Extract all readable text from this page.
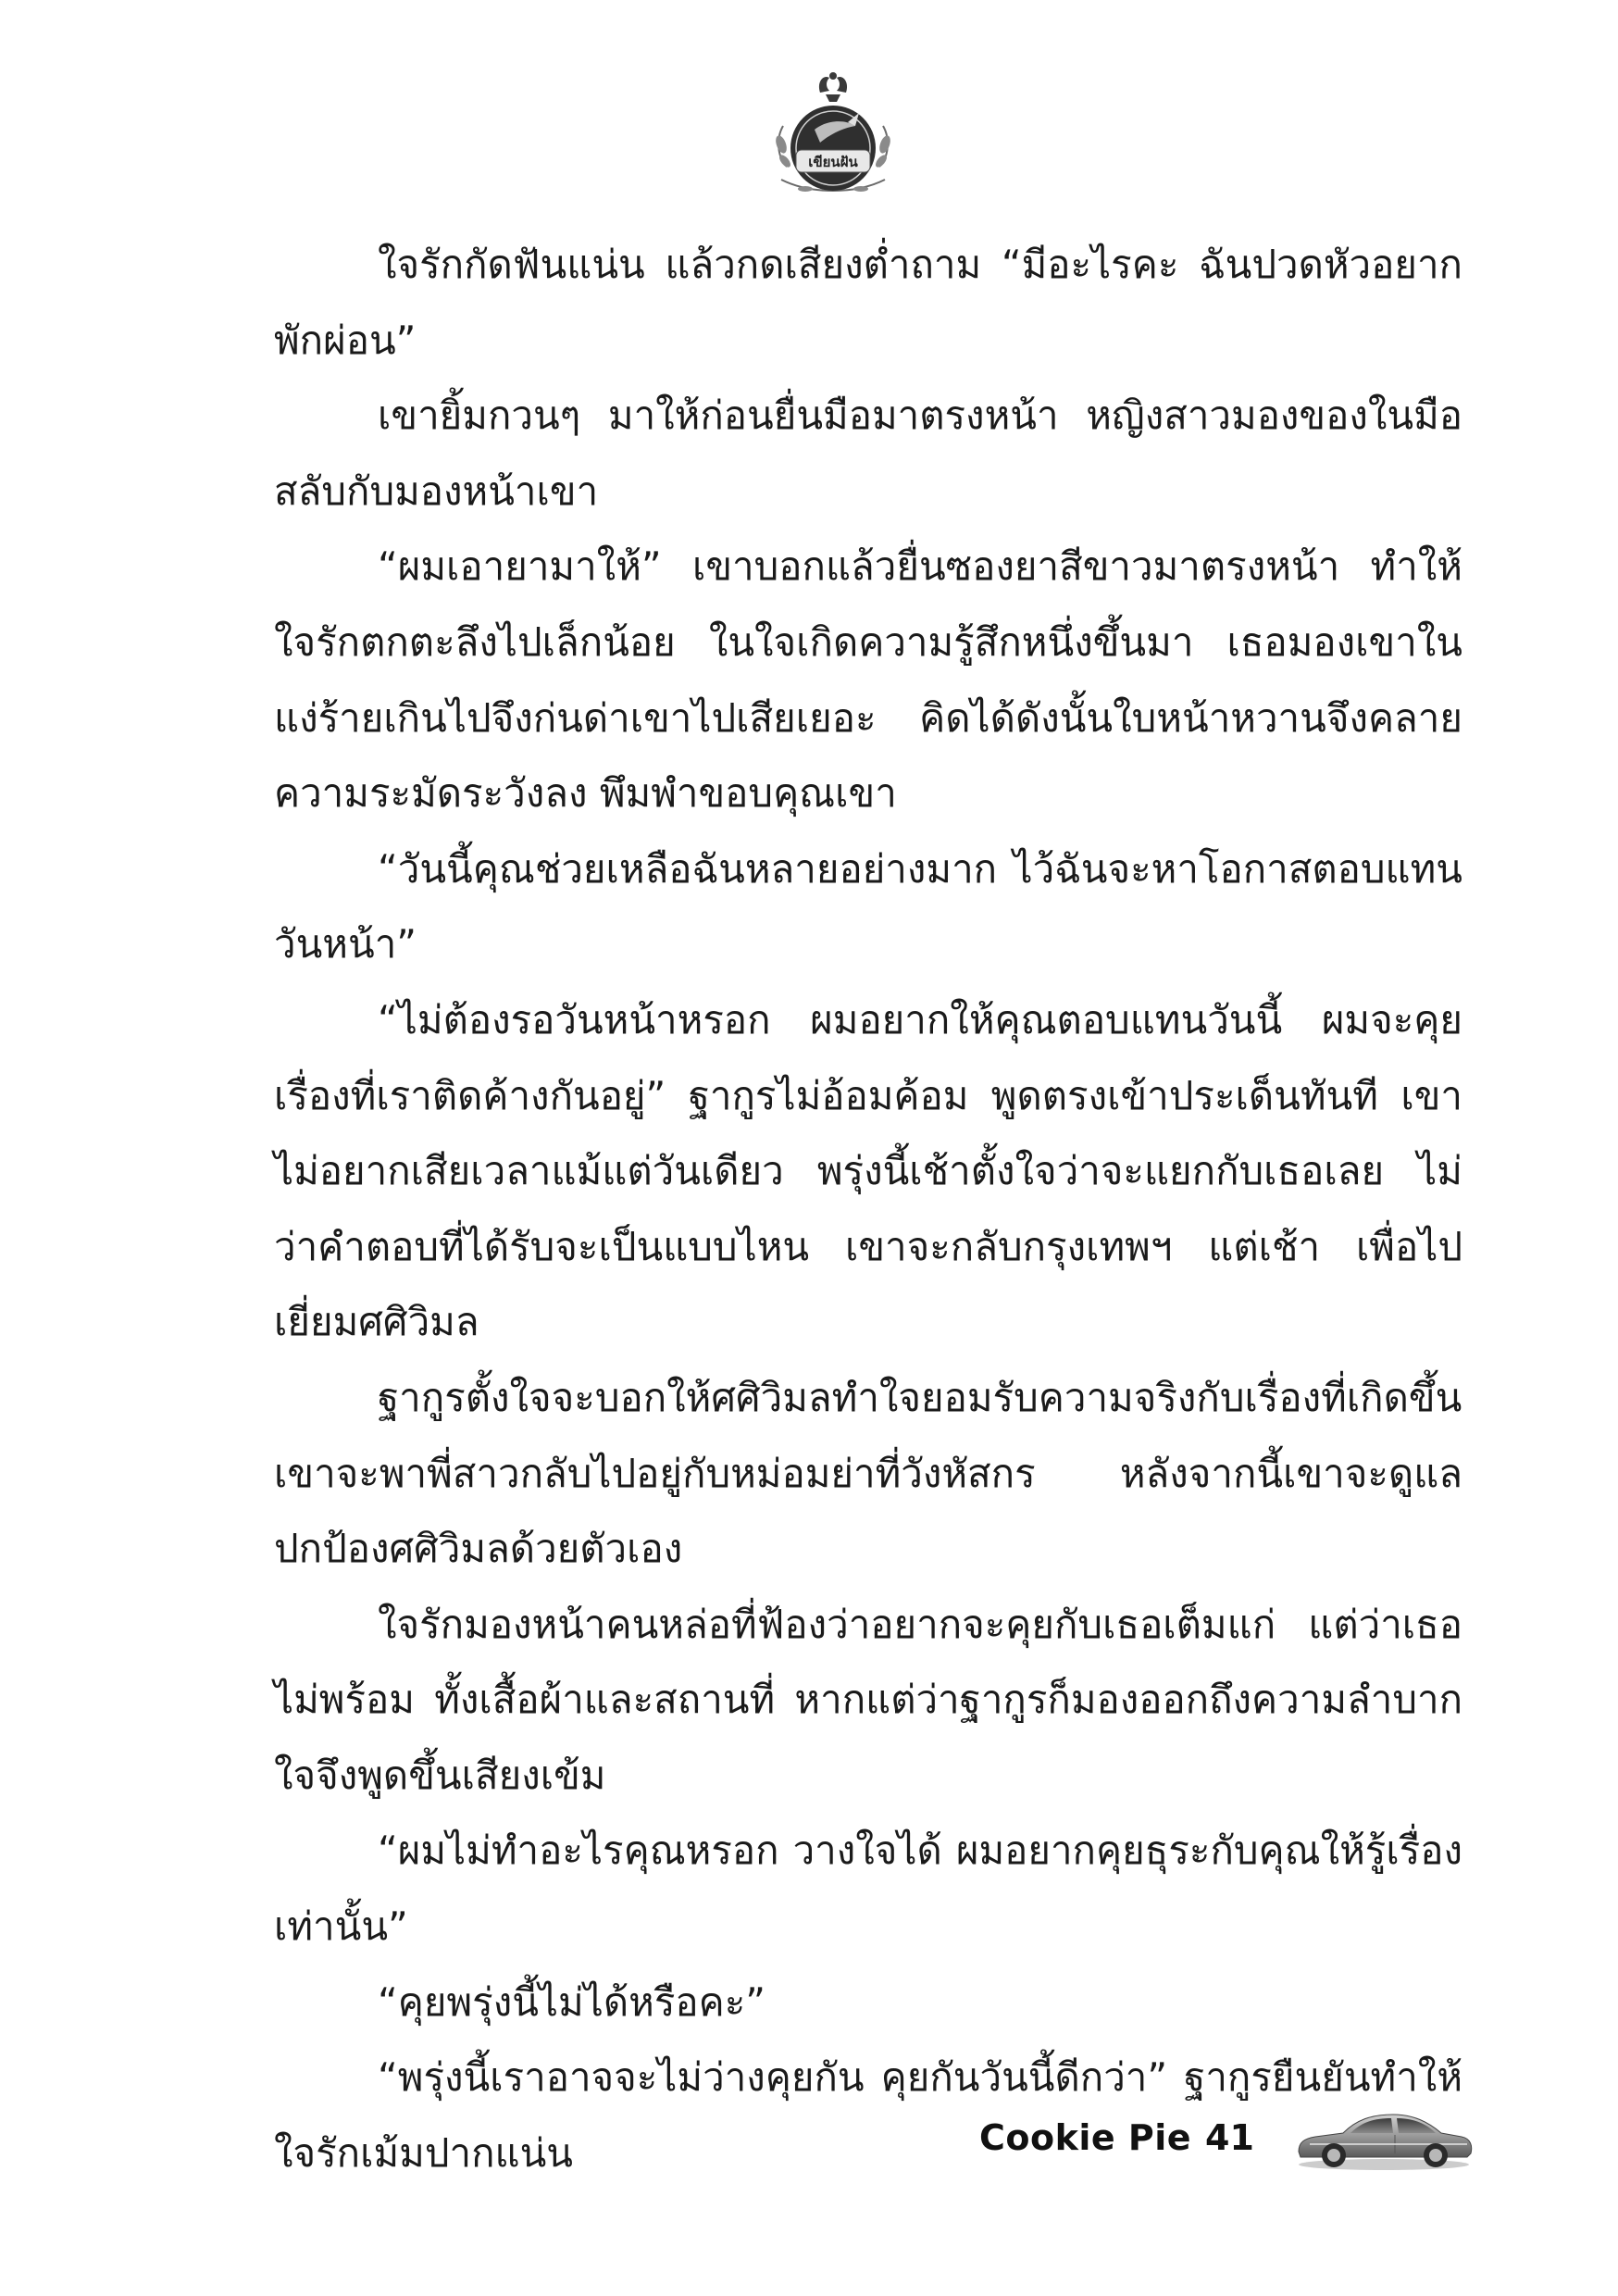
เขียนฝัน

ใจรักกัดฟันแน่น แล้วกดเสียงต่ำถาม “มีอะไรคะ ฉันปวดหัวอยากพักผ่อน”

เขายิ้มกวนๆ มาให้ก่อนยื่นมือมาตรงหน้า หญิงสาวมองของในมือสลับกับมองหน้าเขา

“ผมเอายามาให้” เขาบอกแล้วยื่นซองยาสีขาวมาตรงหน้า ทำให้ใจรักตกตะลึงไปเล็กน้อย ในใจเกิดความรู้สึกหนึ่งขึ้นมา เธอมองเขาในแง่ร้ายเกินไปจึงก่นด่าเขาไปเสียเยอะ คิดได้ดังนั้นใบหน้าหวานจึงคลายความระมัดระวังลง พึมพำขอบคุณเขา

“วันนี้คุณช่วยเหลือฉันหลายอย่างมาก ไว้ฉันจะหาโอกาสตอบแทนวันหน้า”

“ไม่ต้องรอวันหน้าหรอก ผมอยากให้คุณตอบแทนวันนี้ ผมจะคุยเรื่องที่เราติดค้างกันอยู่” ฐากูรไม่อ้อมค้อม พูดตรงเข้าประเด็นทันที เขาไม่อยากเสียเวลาแม้แต่วันเดียว พรุ่งนี้เช้าตั้งใจว่าจะแยกกับเธอเลย ไม่ว่าคำตอบที่ได้รับจะเป็นแบบไหน เขาจะกลับกรุงเทพฯ แต่เช้า เพื่อไปเยี่ยมศศิวิมล

ฐากูรตั้งใจจะบอกให้ศศิวิมลทำใจยอมรับความจริงกับเรื่องที่เกิดขึ้นเขาจะพาพี่สาวกลับไปอยู่กับหม่อมย่าที่วังหัสกร หลังจากนี้เขาจะดูแลปกป้องศศิวิมลด้วยตัวเอง

ใจรักมองหน้าคนหล่อที่ฟ้องว่าอยากจะคุยกับเธอเต็มแก่ แต่ว่าเธอไม่พร้อม ทั้งเสื้อผ้าและสถานที่ หากแต่ว่าฐากูรก็มองออกถึงความลำบากใจจึงพูดขึ้นเสียงเข้ม

“ผมไม่ทำอะไรคุณหรอก วางใจได้ ผมอยากคุยธุระกับคุณให้รู้เรื่องเท่านั้น”

“คุยพรุ่งนี้ไม่ได้หรือคะ”

“พรุ่งนี้เราอาจจะไม่ว่างคุยกัน คุยกันวันนี้ดีกว่า” ฐากูรยืนยันทำให้ใจรักเม้มปากแน่น	Cookie Pie 41
